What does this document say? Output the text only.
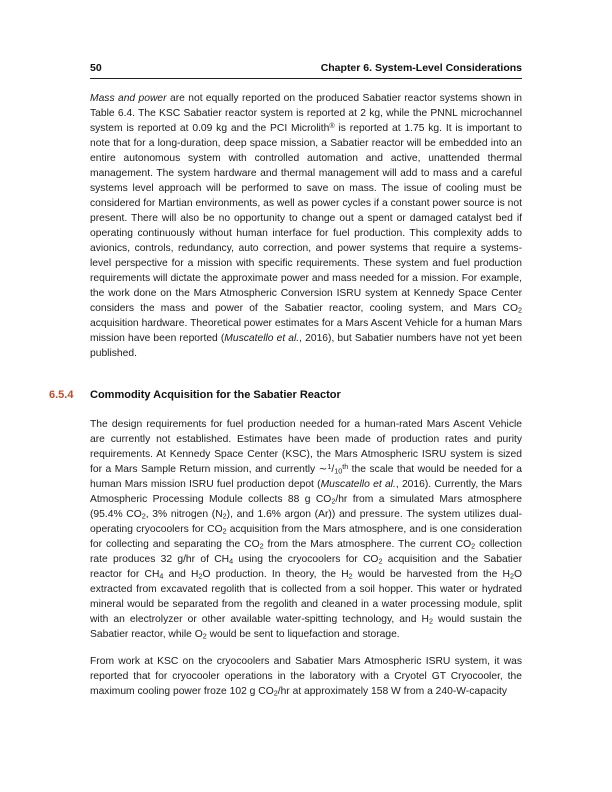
50	Chapter 6. System-Level Considerations

Mass and power are not equally reported on the produced Sabatier reactor systems shown in Table 6.4. The KSC Sabatier reactor system is reported at 2 kg, while the PNNL microchannel system is reported at 0.09 kg and the PCI Microlith® is reported at 1.75 kg. It is important to note that for a long-duration, deep space mission, a Sabatier reactor will be embedded into an entire autonomous system with controlled automation and active, unattended thermal management. The system hardware and thermal management will add to mass and a careful systems level approach will be performed to save on mass. The issue of cooling must be considered for Martian environments, as well as power cycles if a constant power source is not present. There will also be no opportunity to change out a spent or damaged catalyst bed if operating continuously without human interface for fuel production. This complexity adds to avionics, controls, redundancy, auto correction, and power systems that require a systems-level perspective for a mission with specific requirements. These system and fuel production requirements will dictate the approximate power and mass needed for a mission. For example, the work done on the Mars Atmospheric Conversion ISRU system at Kennedy Space Center considers the mass and power of the Sabatier reactor, cooling system, and Mars $CO_2$ acquisition hardware. Theoretical power estimates for a Mars Ascent Vehicle for a human Mars mission have been reported (Muscatello et al., 2016), but Sabatier numbers have not yet been published.

6.5.4 Commodity Acquisition for the Sabatier Reactor

The design requirements for fuel production needed for a human-rated Mars Ascent Vehicle are currently not established. Estimates have been made of production rates and purity requirements. At Kennedy Space Center (KSC), the Mars Atmospheric ISRU system is sized for a Mars Sample Return mission, and currently $\sim^1/_{10}^{th}$ the scale that would be needed for a human Mars mission ISRU fuel production depot (Muscatello et al., 2016). Currently, the Mars Atmospheric Processing Module collects 88 g $CO_2/hr$ from a simulated Mars atmosphere (95.4% $CO_2$, 3% nitrogen $(N_2)$, and 1.6% argon (Ar)) and pressure. The system utilizes dual-operating cryocoolers for $CO_2$ acquisition from the Mars atmosphere, and is one consideration for collecting and separating the $CO_2$ from the Mars atmosphere. The current $CO_2$ collection rate produces 32 g/hr of $CH_4$ using the cryocoolers for $CO_2$ acquisition and the Sabatier reactor for $CH_4$ and $H_2O$ production. In theory, the $H_2$ would be harvested from the $H_2O$ extracted from excavated regolith that is collected from a soil hopper. This water or hydrated mineral would be separated from the regolith and cleaned in a water processing module, split with an electrolyzer or other available water-spitting technology, and $H_2$ would sustain the Sabatier reactor, while $O_2$ would be sent to liquefaction and storage.

From work at KSC on the cryocoolers and Sabatier Mars Atmospheric ISRU system, it was reported that for cryocooler operations in the laboratory with a Cryotel GT Cryocooler, the maximum cooling power froze 102 g $CO_2/hr$ at approximately 158 W from a 240-W-capacity
